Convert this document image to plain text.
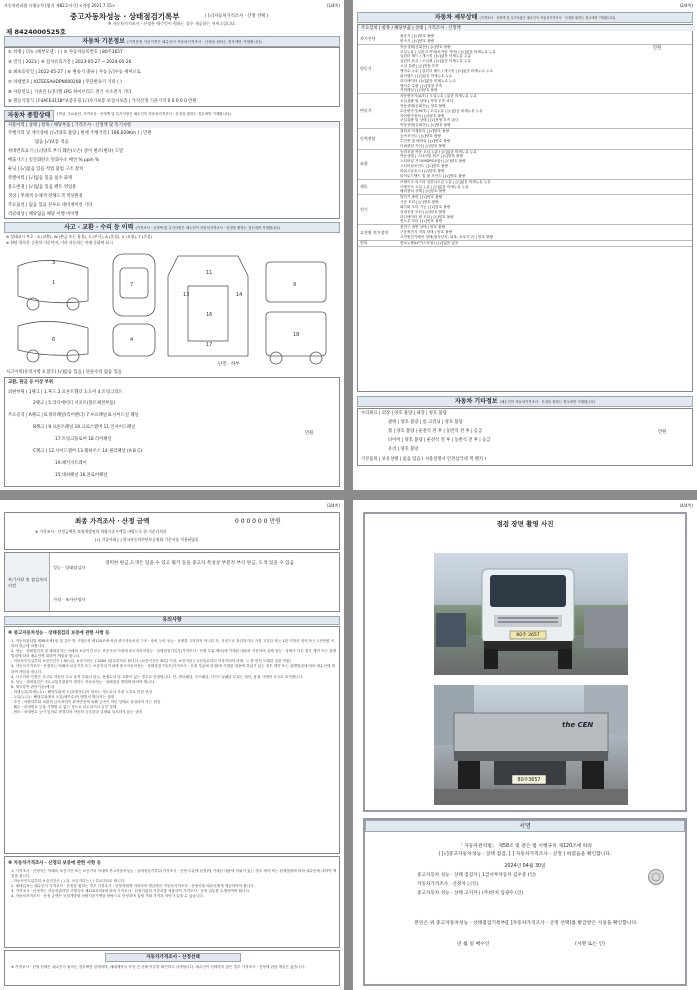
자동차관리법 시행규칙 [별지 제82호서식] <개정 2021.7.15>	(1/4쪽)
중고자동차성능 · 상태점검기록부	( [√]자동차가격조사 · 산정 선택 )
※ 자동차가격조사 · 산정은 매수인이 원하는 경우 제공하는 서비스입니다.
제 8424000525호
자동차 기본정보 (가격산정 기준가격은 매수인이 자동차가격조사 · 산정을 원하는 경우에만 기재합니다)
① 차명 | 더뉴 (세부모델 : ) | ② 자동차등록번호 | 80주3657
③ 연식 | 2023 | ④ 검사유효기간 | 2023-05-27 ~ 2024-05-26
⑤ 최초등록일 | 2022-05-27 | ⑥ 변속기 종류 | 자동 [√]수동 세미오토
⑦ 차대번호 | KLTEESAHDPN000208 | 무단변속기 기타 ( )
⑧ 사용연료 | 가솔린 [√]디젤 LPG 하이브리드 전기 수소전기 기타
⑨ 원동기형식 | F4AFE411B*보증유형 [√]자가보증 보험사보증 | 가격산정 기준가격 0 0 0 0 0 만원
자동차 종합상태	(색상, 주요옵션, 가격조사 · 산정액 및 특기사항은 매수인이 자동차가격조사 · 산정을 원하는 경우에만 기재합니다)
사용이력 | 상태 | 항목 / 해당부품 | 가격조사 · 산정액 및 특기사항
주행거리 및 계기상태 | [√]양호 불량 | 현재 주행거리 [ 186,029Km ] | 만원
많음 [√]보통 적음
차대번호표기 | [√]양호 부식 훼손(오손) 상이 변조(변타) 도말
배출가스 | 일산화탄소 탄화수소 매연 % ppm %
튜닝 | [√]없음 있음 적법 불법 구조 장치
특별이력 | [√]없음 있음 침수 화재
용도변경 | [√]없음 있음 렌트 영업용
색상 | 무채색 유채색 전체도색 색상변경
주요옵션 | 없음 있음 선루프 네비게이션 기타
리콜대상 | 해당없음 해당 이행 미이행
사고 · 교환 · 수리 등 이력 (가격조사 · 산정액 및 특기사항은 매수인이 자동차가격조사 · 산정을 원하는 경우에만 기재합니다)
※ 상태표시 부호 : X (교환), W (판금 또는 용접), C (부식), A (흠집), U (요철), T (손상)
※ 하단 항목은 승용차 기준이며, 기타 자동차는 이에 준하여 표시
3
1
6
7
4
11
13	14
16
17
9
18
단면 · 하부
사고이력(유의사항 4 참조) [√]없음 있음 | 단순수리 없음 있음
교환, 판금 등 이상 부위
외판부위 | 1랭크 | 1.후드 2.프론트휀더 3.도어 4.트렁크리드
2랭크 | 5.라디에이터 서포트(볼트체결부품)
주요골격 | A랭크 | 6.쿼터패널(리어펜더) 7.루프패널 8.사이드실 패널
B랭크 | 9.프론트패널 10.크로스멤버 11.인사이드패널
17.트렁크플로어 18.리어패널
C랭크 | 12.사이드멤버 13.휠하우스 14.필러패널 (A B C)
19.패키지트레이
15.대쉬패널 16.플로어패널
만원
(2/4쪽)
자동차 세부상태 (가격조사 · 산정액 및 특기사항은 매수인이 자동차가격조사 · 산정을 원하는 경우에만 기재합니다)
주요장치 | 항목 / 해당부품 | 상태 | 가격조사 · 산정액
자기진단	원동기 | [√]양호 불량
변속기 | [√]양호 불량
원동기
작동상태(공회전) | [√]양호 불량
오일누유 | 실린더 커버(로커암 커버) | [√]없음 미세누유 누유
실린더 헤드 / 개스킷 | [√]없음 미세누유 누유
실린더 블록 / 오일팬 | [√]없음 미세누유 누유
오일 유량 | [√]적정 부족
냉각수 누수 | 실린더 헤드 / 개스킷 | [√]없음 미세누수 누수
워터펌프 | [√]없음 미세누수 누수
라디에이터 | [√]없음 미세누수 누수
냉각수 수량 | [√]적정 부족
커먼레일 | [√]양호 불량
변속기
자동변속기(A/T) | 오일누유 | 없음 미세누유 누유
오일유량 및 상태 | 적정 부족 과다
작동상태(공회전) | 양호 불량
수동변속기(M/T) | 오일누유 | [√]없음 미세누유 누유
기어변속장치 | [√]양호 불량
오일유량 및 상태 | [√]적정 부족 과다
작동상태(공회전) | [√]양호 불량
동력전달
클러치 어셈블리 | [√]양호 불량
등속조인트 | [√]양호 불량
추진축 및 베어링 | [√]양호 불량
디퍼렌셜 기어 | [√]양호 불량
조향
동력조향 작동 오일 누유 | [√]없음 미세누유 누유
작동상태 | 스티어링 펌프 | [√]양호 불량
스티어링 기어(MDPS포함) | [√]양호 불량
스티어링조인트 | [√]양호 불량
파워고압호스 | [√]양호 불량
타이로드엔드 및 볼 조인트 | [√]양호 불량
제동
브레이크 마스터 실린더오일 누유 | [√]없음 미세누유 누유
브레이크 오일 누유 | [√]없음 미세누유 누유
배력장치 상태 | [√]양호 불량
전기
발전기 출력 | [√]양호 불량
시동 모터 | [√]양호 불량
와이퍼 모터 기능 | [√]양호 불량
실내송풍 모터 | [√]양호 불량
라디에이터 팬 모터 | [√]양호 불량
윈도우 모터 | [√]양호 불량
고전원 전기장치
충전구 절연 상태 | 양호 불량
구동축전지 격리 상태 | 양호 불량
고전원전기배선 상태(접속단자, 피복, 보호기구) | 양호 불량
연료	연료누출(LP가스포함) | [√]없음 있음
만원
자동차 기타정보 (매수인이 자동차가격조사 · 산정을 원하는 경우에만 기재합니다)
수리필요 | 외장 | 양호 불량 | 내장 | 양호 불량
광택 | 양호 불량 | 룸 크리닝 | 양호 불량
휠 | 양호 불량 | 운전석 전 후 | 동반석 전 후 | 응급
타이어 | 양호 불량 | 운전석 전 후 | 동반석 전 후 | 응급
유리 | 양호 불량
기본품목 | 보유상태 | 없음 있음 ( 사용설명서 안전삼각대 잭 렌치 )
만원
(3/4쪽)
최종 가격조사 · 산정 금액	0 0 0 0 0 0 만원
※ 가격조사 · 산정금액은 보험개발원의 차량기준가액을 바탕으로 한 기준가격과
[√] 기술사회 [ ] 한국자동차진단보증협회 기준서를 적용하였음
특기사항 및 점검자의 의견
성능 · 상태점검자
경미한 판금,도색은 있을 수 있고 휠거 등을 중고자 특성상 부분적 부식 판금, 도색 있을 수 있음
가격 · 조사산정자
유의사항
※ 중고자동차성능 · 상태점검의 보증에 관한 사항 등
1. 자동차관리법 제58조제1항 및 같은 법 시행규칙 제120조에 따라 중고자동차의 구조 · 장치 등의 성능 · 상태를 고지하지 아니한 자, 거짓으로 점검하거나 거짓 고지한 자는 1년 이하의 징역 또는 1천만원 이하의 벌금에 처합니다.
2. 성능 · 상태점검자 및 매매업자는 아래의 보증기간 또는 보증거리 이내에 중고자동차성능 · 상태점검기록부(가격조사 · 산정 부분 제외)에 기재된 내용과 자동차의 실제 성능 · 상태가 다른 경우 계약 또는 관계법령에 따라 매수인에 대하여 책임을 집니다.
- 자동차인도일부터 보증기간은 ( 30 )일, 보증거리는 ( 2000 )킬로미터로 합니다. (보증기간은 30일 이상, 보증거리는 2천킬로미터 이상이어야 하며, 그 중 먼저 도래한 것을 적용)
3. 자동차가격조사 · 산정자는 아래의 보증기간 또는 보증거리 이내에 중고자동차성능 · 상태점검기록부(가격조사 · 산정 부분에 한정)에 기재된 내용에 허위가 있는 경우 계약 또는 관계법령에 따라 매수인에 대하여 책임을 집니다.
4. 사고이력 인정은 사고로 자동차 주요 골격 부위의 판금, 용접수리 및 교환이 있는 경우로 한정합니다. 단, 쿼터패널, 루프패널, 사이드실패널 부위는 절단, 용접 시에만 사고로 표기합니다.
5. 성능 · 상태점검은 국토교통부장관이 정하는 자동차성능 · 상태점검 방법에 따라야 합니다.
6. 체크항목 판단기준(예시)
- 미세누유(미세누수) : 해당부위에 오일(냉각수)이 비치는 정도로서 부품 노후로 인한 현상
- 누유(누수) : 해당부위에서 오일(냉각수)이 맺혀서 떨어지는 상태
- 부식 : 차량하부와 외판의 금속표면이 화학반응에 의해 금속이 아닌 상태로 상실되어 가는 현상
- 훼손 : 차대번호 등을 식별할 수 없는 정도로 파손되거나 긁힌 상태
- 변조 : 차대번호 등이 임의로 변경되어 자동차 등록증과 실체와 일치하지 않는 상태
※ 자동차가격조사 · 산정의 보증에 관한 사항 등
1. 가격조사 · 산정자는 아래의 보증기간 또는 보증거리 이내에 중고자동차성능 · 상태점검기록부(가격조사 · 산정 부분에 한정)에 기재된 내용에 허위가 있는 경우 계약 또는 관계법령에 따라 매수인에 대하여 책임을 집니다.
- 자동차인도일부터 보증기간은 ( ) 일, 보증거리는 ( ) 킬로미터로 합니다.
2. 매매업자는 매수인이 가격조사 · 산정을 원하는 경우 가격조사 · 산정자에게 의뢰하여 발급받은 자동차가격조사 · 산정서를 매수인에게 제공하여야 합니다.
3. 가격조사 · 산정자는 자동차관리법 시행규칙 제120조의3에 따라 가격조사 · 산정기관의 기준서를 적용하여 가격조사 · 산정 업무를 수행하여야 합니다.
4. 자동차가격조사 · 산정 금액은 보험개발원 차량기준가액을 바탕으로 산정하며 실제 거래 가격과 차이가 있을 수 있습니다.
자동차가격조사 · 산정선택
※ 가격조사 · 산정 선택은 매수인이 원하는 경우에만 선택하며, 매매계약서 작성 전 선택 여부를 확인하고 서명합니다. 매수인이 선택하지 않은 경우 가격조사 · 산정에 관한 책임은 없습니다.
(4/4쪽)
점검 장면 촬영 사진
80주 3657
the CEN
80주3657
서명
「 자동차관리법」 제58조 및 같은 법 시행규칙 제120조에 따라
( [√]중고자동차성능 · 상태 점검, [ ] 자동차가격조사 · 산정 ) 하였음을 확인합니다.
2024년 04월 30일
중고자동차 성능 · 상태 점검자 | 1급서부자동차 김우중 (인)
자동차가격조사 · 산정자 | (인)
중고자동차 성능 · 상태 고지자 | (주)한치 임광수 (인)
본인은 위 중고자동차성능 · 상태점검기록부([ ]자동차가격조사 · 산정 선택)를 발급받은 사실을 확인합니다.
년 월 일 매수인	(서명 또는 인)
